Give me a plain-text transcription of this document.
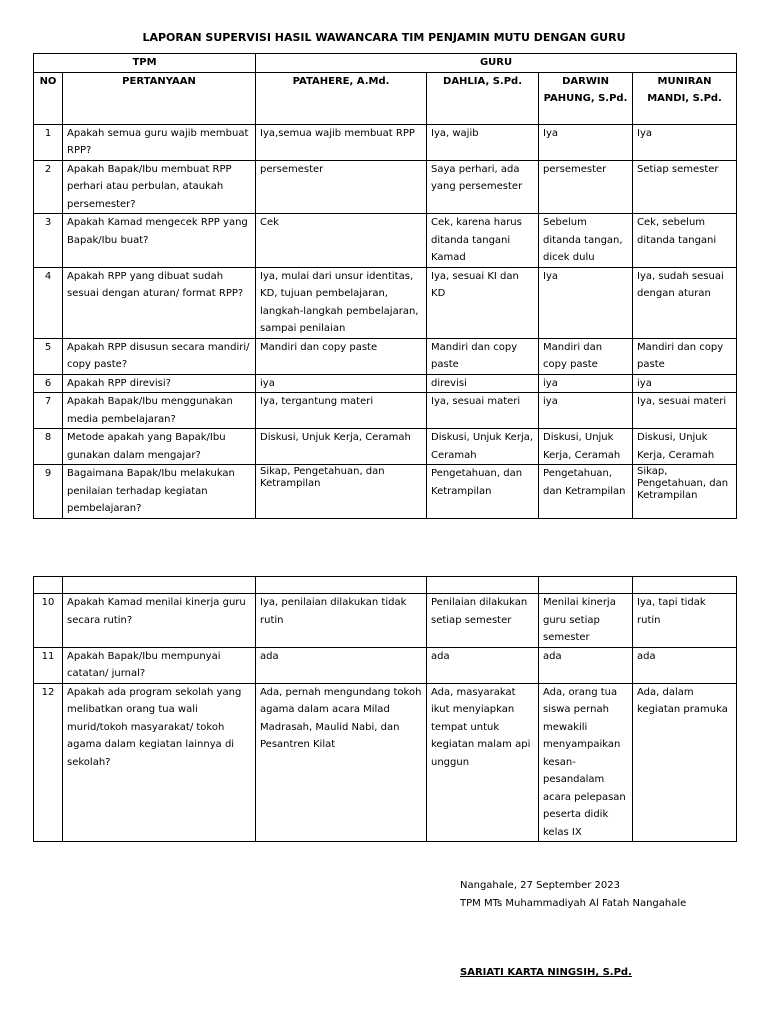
LAPORAN SUPERVISI HASIL WAWANCARA TIM PENJAMIN MUTU DENGAN GURU
TPM		GURU			
NO	PERTANYAAN	PATAHERE, A.Md.	DAHLIA, S.Pd.	DARWIN PAHUNG, S.Pd.	MUNIRAN MANDI, S.Pd.
1	Apakah semua guru wajib membuat RPP?	Iya,semua wajib membuat RPP	Iya, wajib	Iya	Iya
2	Apakah Bapak/Ibu membuat RPP perhari atau perbulan, ataukah persemester?	persemester	Saya perhari, ada yang persemester	persemester	Setiap semester
3	Apakah Kamad mengecek RPP yang Bapak/Ibu buat?	Cek	Cek, karena harus ditanda tangani Kamad	Sebelum ditanda tangan, dicek dulu	Cek, sebelum ditanda tangani
4	Apakah RPP yang dibuat sudah sesuai dengan aturan/ format RPP?	Iya, mulai dari unsur identitas, KD, tujuan pembelajaran, langkah-langkah pembelajaran, sampai penilaian	Iya, sesuai KI dan KD	Iya	Iya, sudah sesuai dengan aturan
5	Apakah RPP disusun secara mandiri/ copy paste?	Mandiri dan copy paste	Mandiri dan copy paste	Mandiri dan copy paste	Mandiri dan copy paste
6	Apakah RPP direvisi?	iya	direvisi	iya	iya
7	Apakah Bapak/Ibu menggunakan media pembelajaran?	Iya, tergantung materi	Iya, sesuai materi	iya	Iya, sesuai materi
8	Metode apakah yang Bapak/Ibu gunakan dalam mengajar?	Diskusi, Unjuk Kerja, Ceramah	Diskusi, Unjuk Kerja, Ceramah	Diskusi, Unjuk Kerja, Ceramah	Diskusi, Unjuk Kerja, Ceramah
9	Bagaimana Bapak/Ibu melakukan penilaian terhadap kegiatan pembelajaran?	Sikap, Pengetahuan, dan Ketrampilan	Pengetahuan, dan Ketrampilan	Pengetahuan, dan Ketrampilan	Sikap, Pengetahuan, dan Ketrampilan

10	Apakah Kamad menilai kinerja guru secara rutin?	Iya, penilaian dilakukan tidak rutin	Penilaian dilakukan setiap semester	Menilai kinerja guru setiap semester	Iya, tapi tidak rutin
11	Apakah Bapak/Ibu mempunyai catatan/ jurnal?	ada	ada	ada	ada
12	Apakah ada program sekolah yang melibatkan orang tua wali murid/tokoh masyarakat/ tokoh agama dalam kegiatan lainnya di sekolah?	Ada, pernah mengundang tokoh agama dalam acara Milad Madrasah, Maulid Nabi, dan Pesantren Kilat	Ada, masyarakat ikut menyiapkan tempat untuk kegiatan malam api unggun	Ada, orang tua siswa pernah mewakili menyampaikan kesan-pesandalam acara pelepasan peserta didik kelas IX	Ada, dalam kegiatan pramuka
Nangahale, 27 September 2023
TPM MTs Muhammadiyah Al Fatah Nangahale
SARIATI KARTA NINGSIH, S.Pd.
